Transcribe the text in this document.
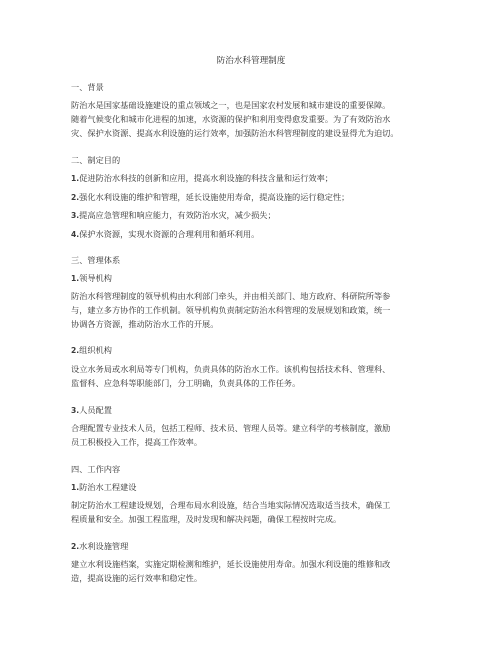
防治水科管理制度
一、背景
防治水是国家基础设施建设的重点领域之一，也是国家农村发展和城市建设的重要保障。
随着气候变化和城市化进程的加速，水资源的保护和利用变得愈发重要。为了有效防治水
灾、保护水资源、提高水利设施的运行效率，加强防治水科管理制度的建设显得尤为迫切。
二、制定目的
1.促进防治水科技的创新和应用，提高水利设施的科技含量和运行效率；
2.强化水利设施的维护和管理，延长设施使用寿命，提高设施的运行稳定性；
3.提高应急管理和响应能力，有效防治水灾，减少损失；
4.保护水资源，实现水资源的合理利用和循环利用。
三、管理体系
1.领导机构
防治水科管理制度的领导机构由水利部门牵头，并由相关部门、地方政府、科研院所等参
与，建立多方协作的工作机制。领导机构负责制定防治水科管理的发展规划和政策，统一
协调各方资源，推动防治水工作的开展。
2.组织机构
设立水务局或水利局等专门机构，负责具体的防治水工作。该机构包括技术科、管理科、
监督科、应急科等职能部门，分工明确，负责具体的工作任务。
3.人员配置
合理配置专业技术人员，包括工程师、技术员、管理人员等。建立科学的考核制度，激励
员工积极投入工作，提高工作效率。
四、工作内容
1.防治水工程建设
制定防治水工程建设规划，合理布局水利设施，结合当地实际情况选取适当技术，确保工
程质量和安全。加强工程监理，及时发现和解决问题，确保工程按时完成。
2.水利设施管理
建立水利设施档案，实施定期检测和维护，延长设施使用寿命。加强水利设施的维修和改
造，提高设施的运行效率和稳定性。
